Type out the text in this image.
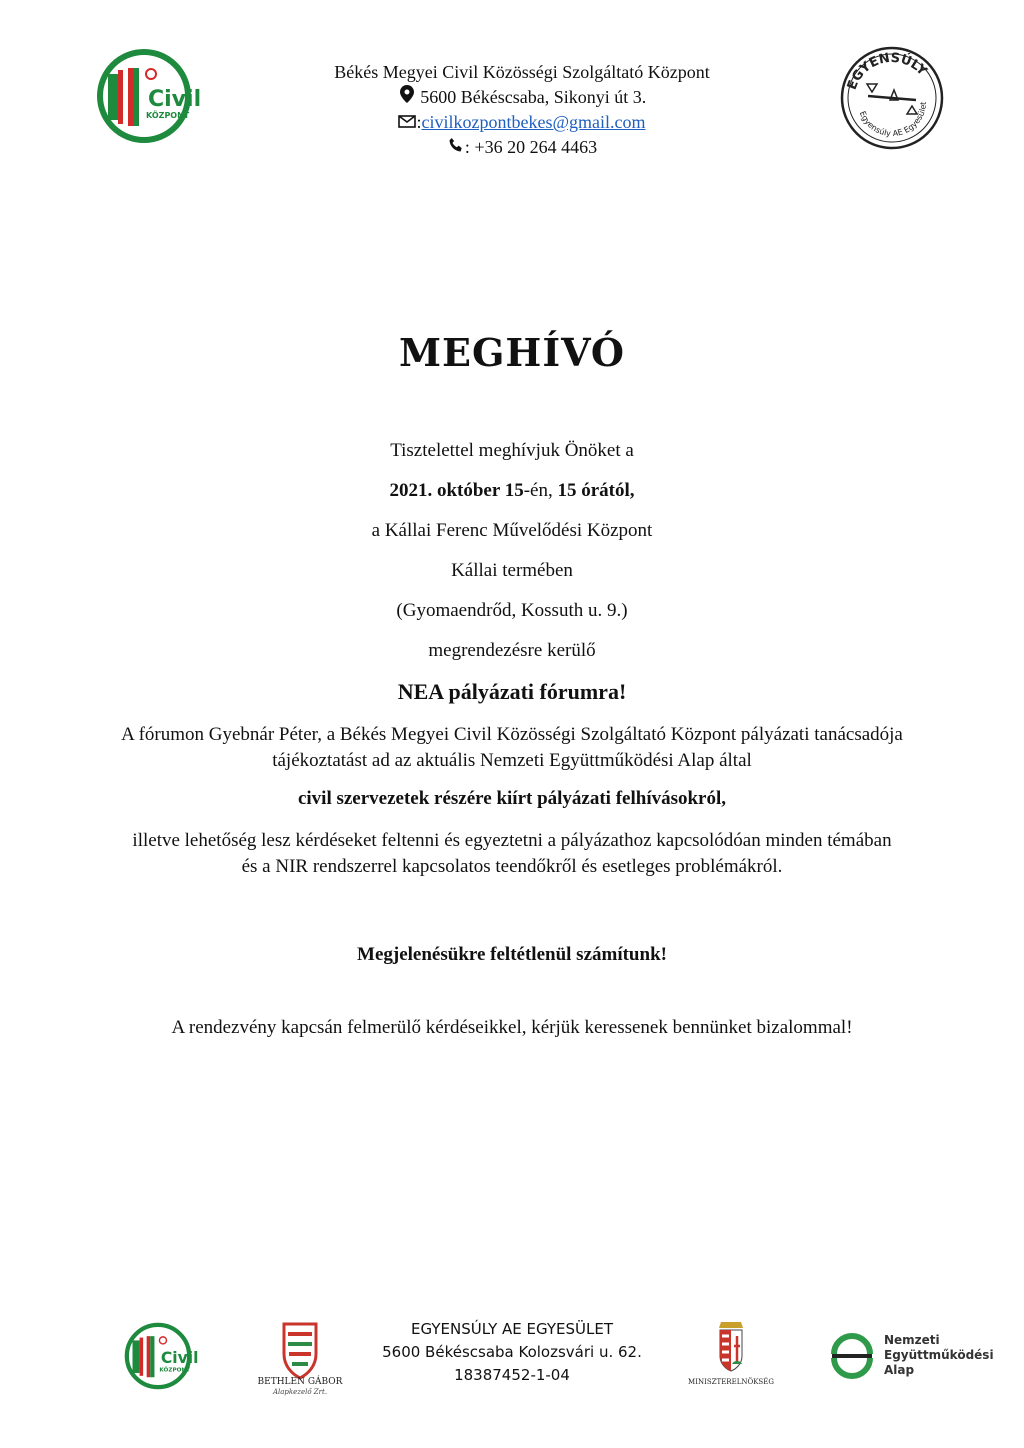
Civil
KÖZPONT
Békés Megyei Civil Közösségi Szolgáltató Központ
5600 Békéscsaba, Sikonyi út 3.
:civilkozpontbekes@gmail.com
: +36 20 264 4463
EGYENSÚLY
Egyensúly AE Egyesület
MEGHÍVÓ
Tisztelettel meghívjuk Önöket a
2021. október 15-én, 15 órától,
a Kállai Ferenc Művelődési Központ
Kállai termében
(Gyomaendrőd, Kossuth u. 9.)
megrendezésre kerülő
NEA pályázati fórumra!
A fórumon Gyebnár Péter, a Békés Megyei Civil Közösségi Szolgáltató Központ pályázati tanácsadója tájékoztatást ad az aktuális Nemzeti Együttműködési Alap által
civil szervezetek részére kiírt pályázati felhívásokról,
illetve lehetőség lesz kérdéseket feltenni és egyeztetni a pályázathoz kapcsolódóan minden témában és a NIR rendszerrel kapcsolatos teendőkről és esetleges problémákról.
Megjelenésükre feltétlenül számítunk!
A rendezvény kapcsán felmerülő kérdéseikkel, kérjük keressenek bennünket bizalommal!
Civil
KÖZPONT
BETHLEN GÁBOR
Alapkezelő Zrt.
EGYENSÚLY AE EGYESÜLET
5600 Békéscsaba Kolozsvári u. 62.
18387452-1-04	MINISZTERELNÖKSÉG
Nemzeti
Együttműködési
Alap
